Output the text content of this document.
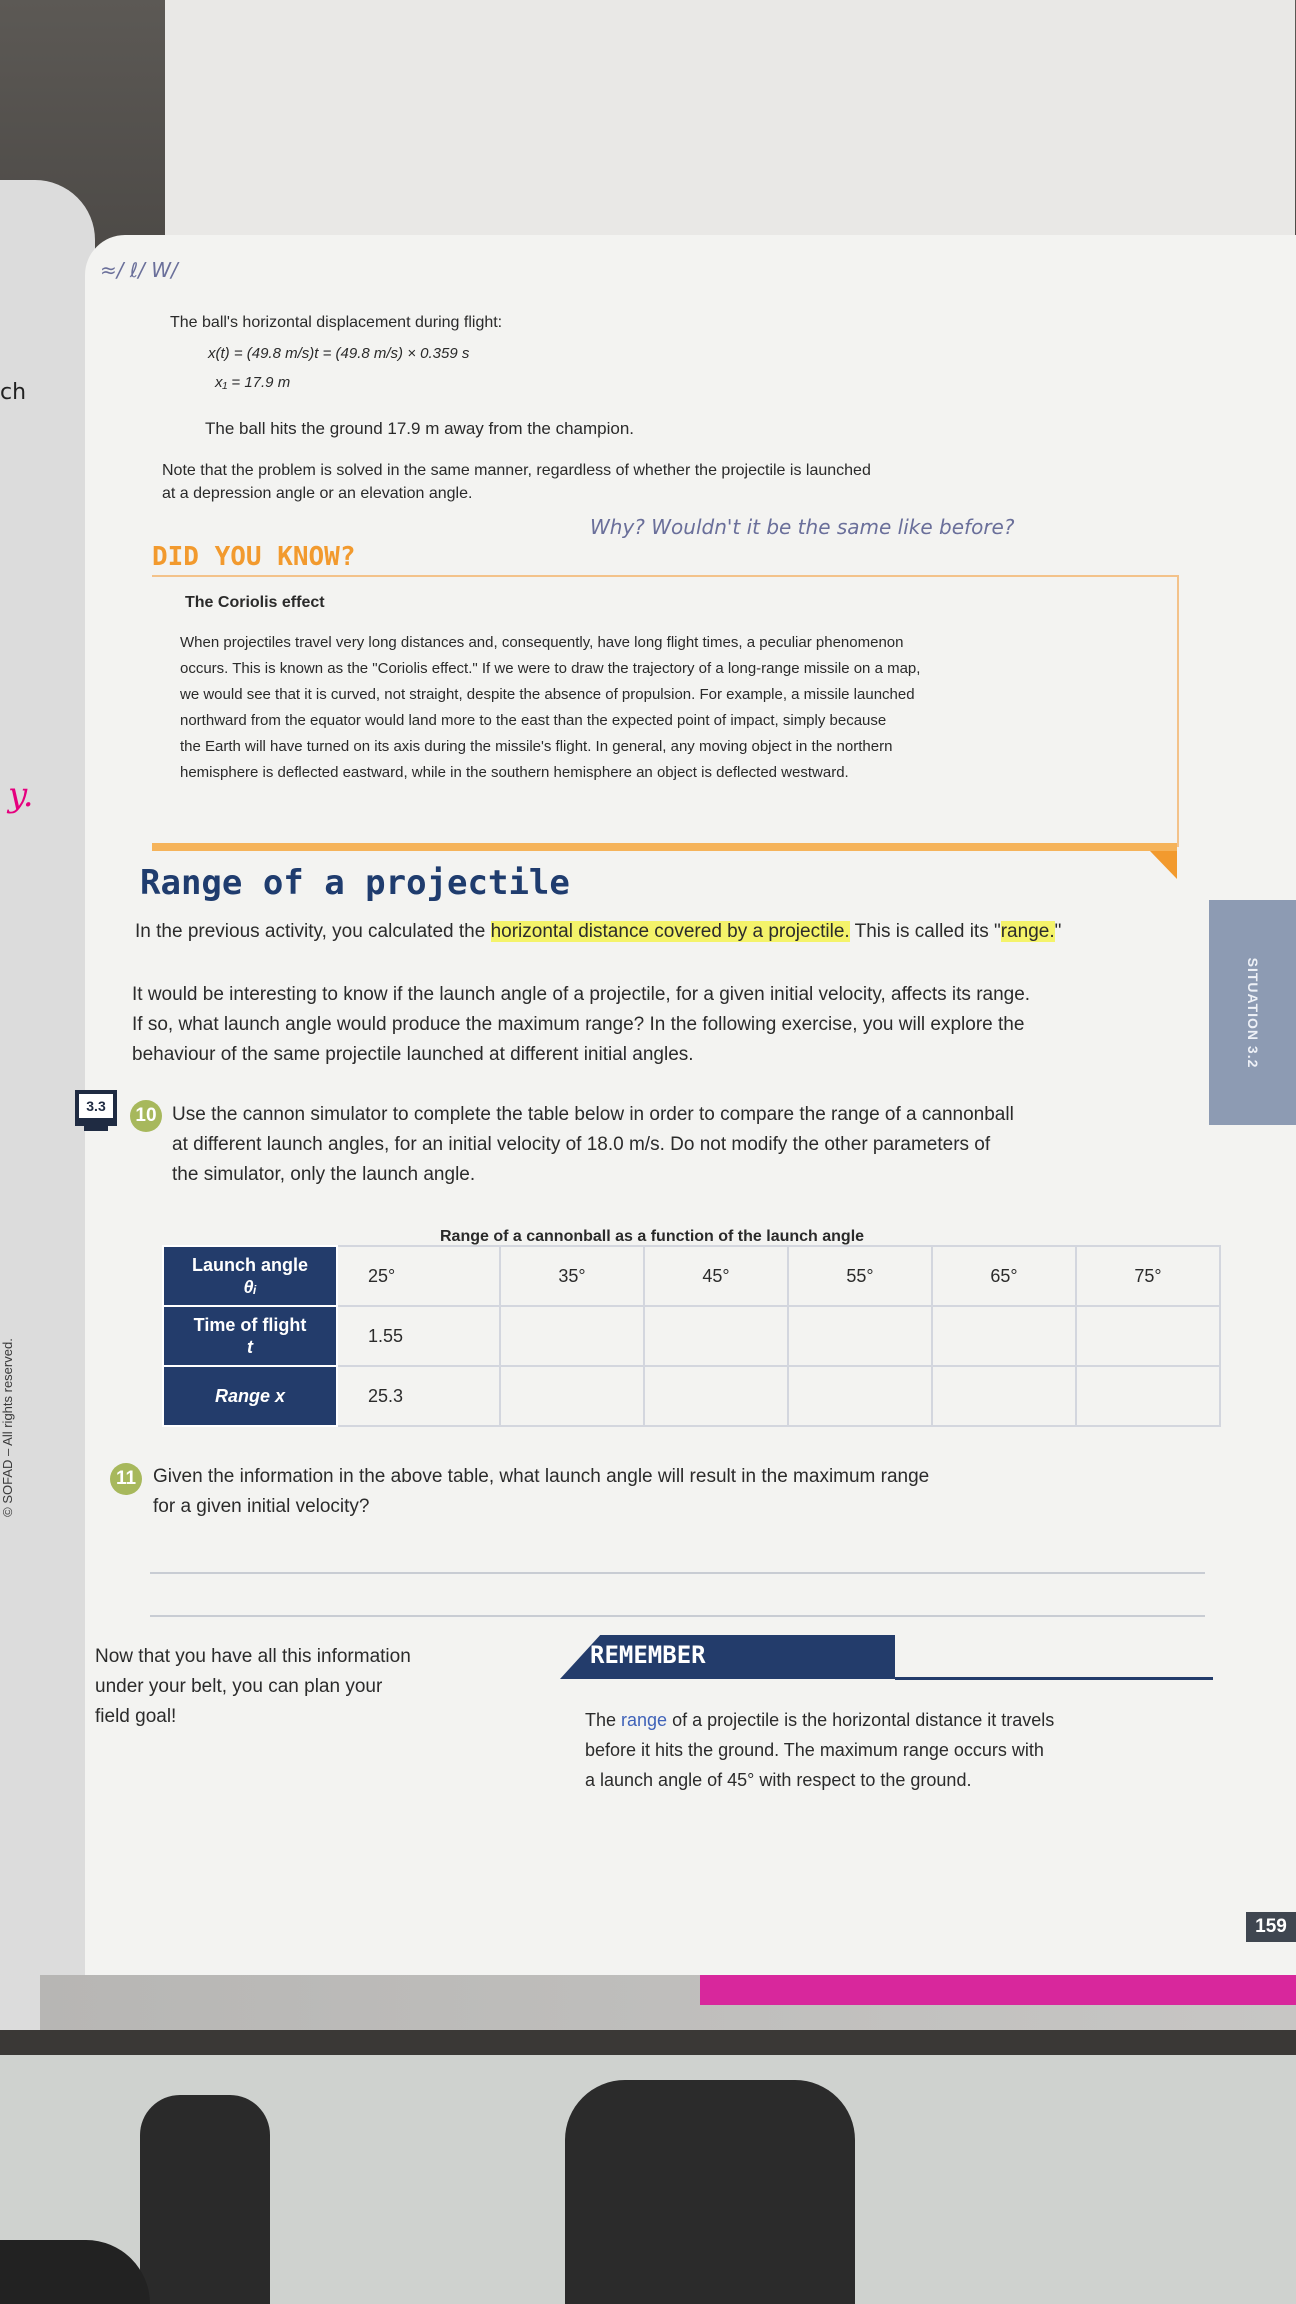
ch
y.
≈/ ℓ/ W/
The ball's horizontal displacement during flight:
x(t) = (49.8 m/s)t = (49.8 m/s) × 0.359 s
x₁ = 17.9 m
The ball hits the ground 17.9 m away from the champion.
Note that the problem is solved in the same manner, regardless of whether the projectile is launched
at a depression angle or an elevation angle.
Why? Wouldn't it be the same like before?
DID YOU KNOW?
The Coriolis effect
When projectiles travel very long distances and, consequently, have long flight times, a peculiar phenomenon
occurs. This is known as the "Coriolis effect." If we were to draw the trajectory of a long-range missile on a map,
we would see that it is curved, not straight, despite the absence of propulsion. For example, a missile launched
northward from the equator would land more to the east than the expected point of impact, simply because
the Earth will have turned on its axis during the missile's flight. In general, any moving object in the northern
hemisphere is deflected eastward, while in the southern hemisphere an object is deflected westward.
Range of a projectile
In the previous activity, you calculated the horizontal distance covered by a projectile. This is called its "range."
It would be interesting to know if the launch angle of a projectile, for a given initial velocity, affects its range.
If so, what launch angle would produce the maximum range? In the following exercise, you will explore the
behaviour of the same projectile launched at different initial angles.	SITUATION 3.2
3.3	10 Use the cannon simulator to complete the table below in order to compare the range of a cannonball
at different launch angles, for an initial velocity of 18.0 m/s. Do not modify the other parameters of
the simulator, only the launch angle.
Range of a cannonball as a function of the launch angle
Launch angle
θᵢ	25°	35°	45°	55°	65°	75°

Time of flight
t	1.55					

Range x	25.3					
11 Given the information in the above table, what launch angle will result in the maximum range
for a given initial velocity?
Now that you have all this information
under your belt, you can plan your
field goal!
REMEMBER
The range of a projectile is the horizontal distance it travels
before it hits the ground. The maximum range occurs with
a launch angle of 45° with respect to the ground.
159
© SOFAD – All rights reserved.
